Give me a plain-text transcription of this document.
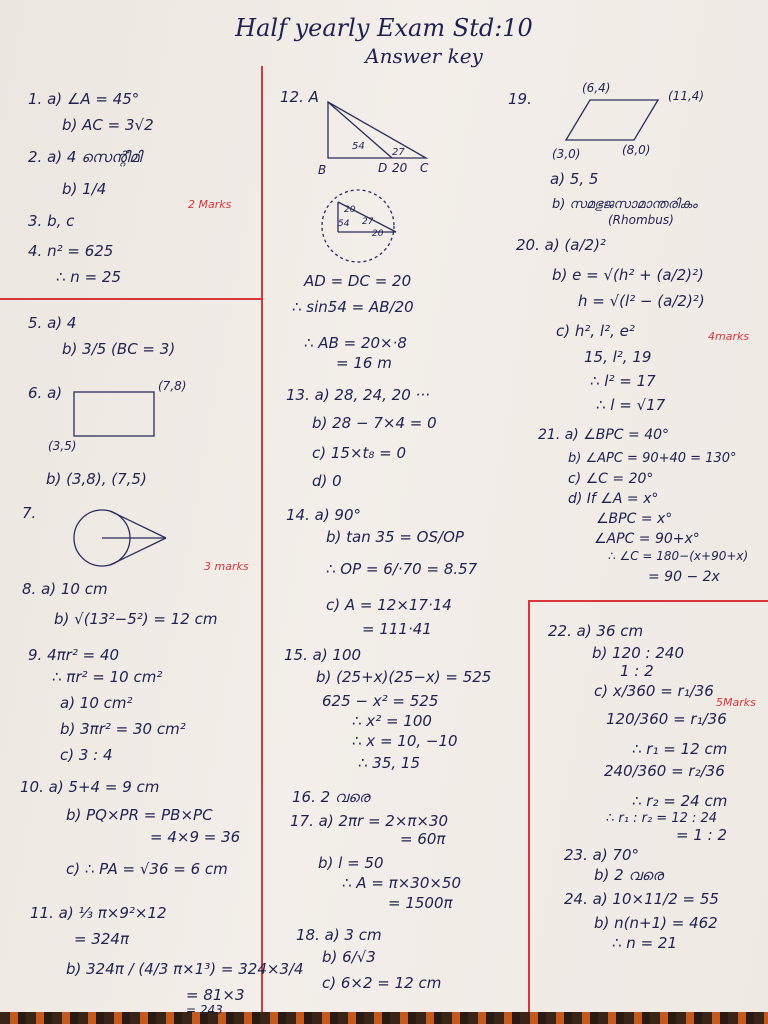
Half yearly Exam Std:10
Answer key
2 Marks
3 marks
4marks
5Marks
1. a) ∠A = 45°
b) AC = 3√2
2. a) 4 സെന്റീമി
b) 1/4
3. b, c
4. n² = 625
∴ n = 25
5. a) 4
b) 3/5 (BC = 3)
6. a)	(7,8)
(3,5)
b) (3,8), (7,5)
7.
8. a) 10 cm
b) √(13²−5²) = 12 cm
9. 4πr² = 40
∴ πr² = 10 cm²
a) 10 cm²
b) 3πr² = 30 cm²
c) 3 : 4
10. a) 5+4 = 9 cm
b) PQ×PR = PB×PC
= 4×9 = 36
c) ∴ PA = √36 = 6 cm
11. a) ⅓ π×9²×12
= 324π
b) 324π / (4/3 π×1³) = 324×3/4
= 81×3
= 243
12. A
B	D 20 C
54
27
20
54 27
20
AD = DC = 20
∴ sin54 = AB/20
∴ AB = 20×·8
= 16 m
13. a) 28, 24, 20 ···
b) 28 − 7×4 = 0
c) 15×t₈ = 0
d) 0
14. a) 90°
b) tan 35 = OS/OP
∴ OP = 6/·70 = 8.57
c) A = 12×17·14
= 111·41
15. a) 100
b) (25+x)(25−x) = 525
625 − x² = 525
∴ x² = 100
∴ x = 10, −10
∴ 35, 15
16. 2 വരെ
17. a) 2πr = 2×π×30
= 60π
b) l = 50
∴ A = π×30×50
= 1500π
18. a) 3 cm
b) 6/√3
c) 6×2 = 12 cm
19.
(6,4)
(11,4)
(3,0)	(8,0)
a) 5, 5
b) സമഭുജസാമാന്തരികം
(Rhombus)
20. a) (a/2)²
b) e = √(h² + (a/2)²)
h = √(l² − (a/2)²)
c) h², l², e²
15, l², 19
∴ l² = 17
∴ l = √17
21. a) ∠BPC = 40°
b) ∠APC = 90+40 = 130°
c) ∠C = 20°
d) If ∠A = x°
∠BPC = x°
∠APC = 90+x°
∴ ∠C = 180−(x+90+x)
= 90 − 2x
22. a) 36 cm
b) 120 : 240
1 : 2
c) x/360 = r₁/36
120/360 = r₁/36
∴ r₁ = 12 cm
240/360 = r₂/36
∴ r₂ = 24 cm
∴ r₁ : r₂ = 12 : 24
= 1 : 2
23. a) 70°
b) 2 വരെ
24. a) 10×11/2 = 55
b) n(n+1) = 462
∴ n = 21
